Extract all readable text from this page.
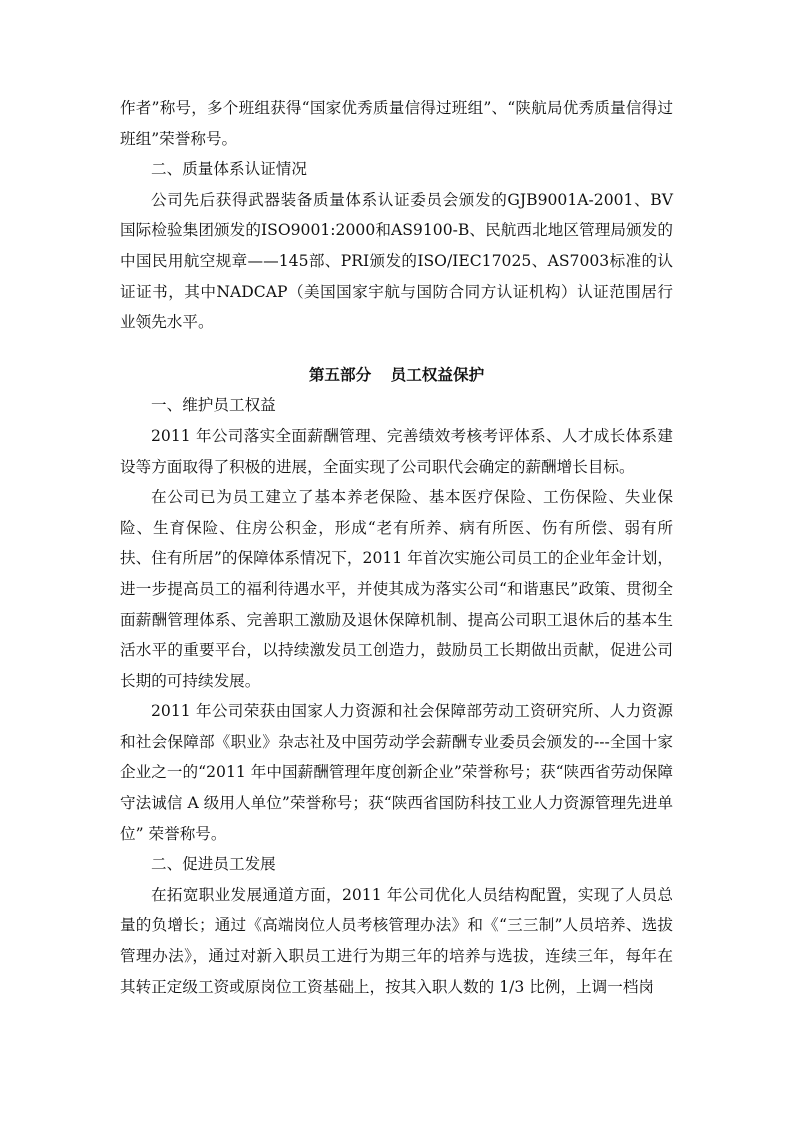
作者”称号，多个班组获得“国家优秀质量信得过班组”、“陕航局优秀质量信得过班组”荣誉称号。

二、质量体系认证情况

公司先后获得武器装备质量体系认证委员会颁发的GJB9001A-2001、BV国际检验集团颁发的ISO9001:2000和AS9100-B、民航西北地区管理局颁发的中国民用航空规章——145部、PRI颁发的ISO/IEC17025、AS7003标准的认证证书，其中NADCAP（美国国家宇航与国防合同方认证机构）认证范围居行业领先水平。

第五部分 员工权益保护

一、维护员工权益

2011 年公司落实全面薪酬管理、完善绩效考核考评体系、人才成长体系建设等方面取得了积极的进展，全面实现了公司职代会确定的薪酬增长目标。

在公司已为员工建立了基本养老保险、基本医疗保险、工伤保险、失业保险、生育保险、住房公积金，形成“老有所养、病有所医、伤有所偿、弱有所扶、住有所居”的保障体系情况下，2011 年首次实施公司员工的企业年金计划，进一步提高员工的福利待遇水平，并使其成为落实公司“和谐惠民”政策、贯彻全面薪酬管理体系、完善职工激励及退休保障机制、提高公司职工退休后的基本生活水平的重要平台，以持续激发员工创造力，鼓励员工长期做出贡献，促进公司长期的可持续发展。

2011 年公司荣获由国家人力资源和社会保障部劳动工资研究所、人力资源和社会保障部《职业》杂志社及中国劳动学会薪酬专业委员会颁发的---全国十家企业之一的“2011 年中国薪酬管理年度创新企业”荣誉称号；获“陕西省劳动保障守法诚信 A 级用人单位”荣誉称号；获“陕西省国防科技工业人力资源管理先进单位” 荣誉称号。

二、促进员工发展

在拓宽职业发展通道方面，2011 年公司优化人员结构配置，实现了人员总量的负增长；通过《高端岗位人员考核管理办法》和《“三三制”人员培养、选拔管理办法》，通过对新入职员工进行为期三年的培养与选拔，连续三年，每年在其转正定级工资或原岗位工资基础上，按其入职人数的 1/3 比例，上调一档岗
